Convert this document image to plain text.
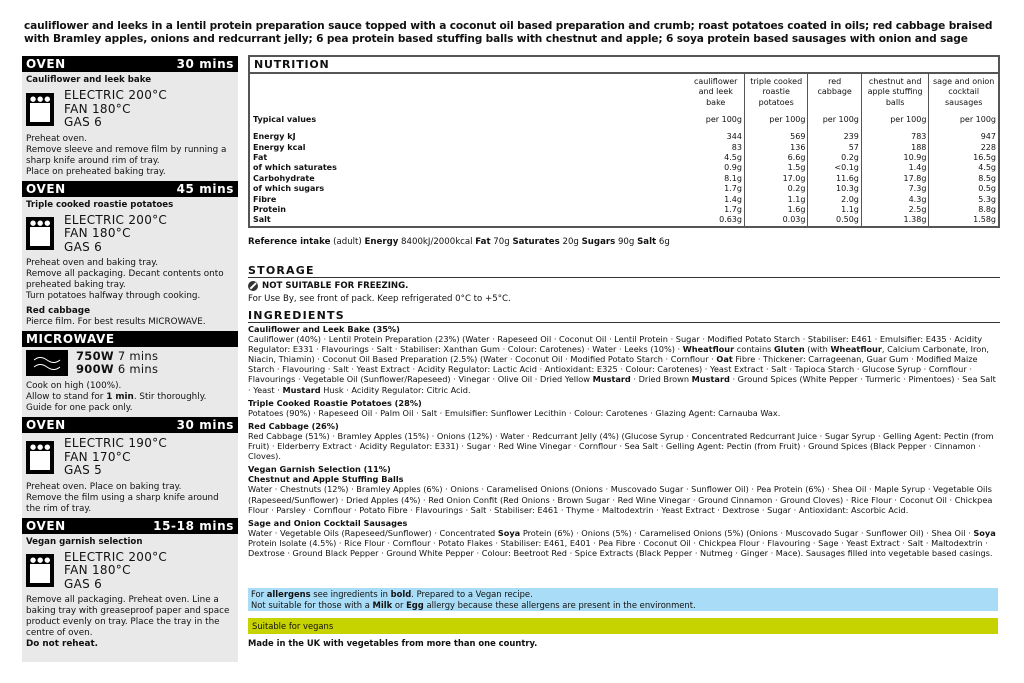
cauliflower and leeks in a lentil protein preparation sauce topped with a coconut oil based preparation and crumb; roast potatoes coated in oils; red cabbage braised with Bramley apples, onions and redcurrant jelly; 6 pea protein based stuffing balls with chestnut and apple; 6 soya protein based sausages with onion and sage
OVEN	30 mins
Cauliflower and leek bake
●●● ELECTRIC 200°C
FAN 180°C
GAS 6
Preheat oven.
Remove sleeve and remove film by running a sharp knife around rim of tray.
Place on preheated baking tray.
OVEN	45 mins
Triple cooked roastie potatoes
●●● ELECTRIC 200°C
FAN 180°C
GAS 6
Preheat oven and baking tray.
Remove all packaging. Decant contents onto preheated baking tray.
Turn potatoes halfway through cooking.
Red cabbage
Pierce film. For best results MICROWAVE.
MICROWAVE
750W 7 mins
900W 6 mins
Cook on high (100%).
Allow to stand for 1 min. Stir thoroughly.
Guide for one pack only.
OVEN	30 mins
●●● ELECTRIC 190°C
FAN 170°C
GAS 5
Preheat oven. Place on baking tray.
Remove the film using a sharp knife around the rim of tray.
OVEN	15-18 mins
Vegan garnish selection
●●● ELECTRIC 200°C
FAN 180°C
GAS 6
Remove all packaging. Preheat oven. Line a baking tray with greaseproof paper and space product evenly on tray. Place the tray in the centre of oven.
Do not reheat.
NUTRITION
	cauliflower and leek bake	triple cooked roastie potatoes	red cabbage	chestnut and apple stuffing balls	sage and onion cocktail sausages
Typical values	per 100g	per 100g	per 100g	per 100g	per 100g
Energy kJ	344	569	239	783	947
Energy kcal	83	136	57	188	228
Fat	4.5g	6.6g	0.2g	10.9g	16.5g
of which saturates	0.9g	1.5g	<0.1g	1.4g	4.5g
Carbohydrate	8.1g	17.0g	11.6g	17.8g	8.5g
of which sugars	1.7g	0.2g	10.3g	7.3g	0.5g
Fibre	1.4g	1.1g	2.0g	4.3g	5.3g
Protein	1.7g	1.6g	1.1g	2.5g	8.8g
Salt	0.63g	0.03g	0.50g	1.38g	1.58g
Reference intake (adult) Energy 8400kJ/2000kcal Fat 70g Saturates 20g Sugars 90g Salt 6g
STORAGE
NOT SUITABLE FOR FREEZING.
For Use By, see front of pack. Keep refrigerated 0°C to +5°C.
INGREDIENTS

Cauliflower and Leek Bake (35%)
Cauliflower (40%) · Lentil Protein Preparation (23%) (Water · Rapeseed Oil · Coconut Oil · Lentil Protein · Sugar · Modified Potato Starch · Stabiliser: E461 · Emulsifier: E435 · Acidity Regulator: E331 · Flavourings · Salt · Stabiliser: Xanthan Gum · Colour: Carotenes) · Water · Leeks (10%) · Wheatflour contains Gluten (with Wheatflour, Calcium Carbonate, Iron, Niacin, Thiamin) · Coconut Oil Based Preparation (2.5%) (Water · Coconut Oil · Modified Potato Starch · Cornflour · Oat Fibre · Thickener: Carrageenan, Guar Gum · Modified Maize Starch · Flavouring · Salt · Yeast Extract · Acidity Regulator: Lactic Acid · Antioxidant: E325 · Colour: Carotenes) · Yeast Extract · Salt · Tapioca Starch · Glucose Syrup · Cornflour · Flavourings · Vegetable Oil (Sunflower/Rapeseed) · Vinegar · Olive Oil · Dried Yellow Mustard · Dried Brown Mustard · Ground Spices (White Pepper · Turmeric · Pimentoes) · Sea Salt · Yeast · Mustard Husk · Acidity Regulator: Citric Acid.

Triple Cooked Roastie Potatoes (28%)
Potatoes (90%) · Rapeseed Oil · Palm Oil · Salt · Emulsifier: Sunflower Lecithin · Colour: Carotenes · Glazing Agent: Carnauba Wax.

Red Cabbage (26%)
Red Cabbage (51%) · Bramley Apples (15%) · Onions (12%) · Water · Redcurrant Jelly (4%) (Glucose Syrup · Concentrated Redcurrant Juice · Sugar Syrup · Gelling Agent: Pectin (from Fruit) · Elderberry Extract · Acidity Regulator: E331) · Sugar · Red Wine Vinegar · Cornflour · Sea Salt · Gelling Agent: Pectin (from Fruit) · Ground Spices (Black Pepper · Cinnamon · Cloves).

Vegan Garnish Selection (11%)
Chestnut and Apple Stuffing Balls
Water · Chestnuts (12%) · Bramley Apples (6%) · Onions · Caramelised Onions (Onions · Muscovado Sugar · Sunflower Oil) · Pea Protein (6%) · Shea Oil · Maple Syrup · Vegetable Oils (Rapeseed/Sunflower) · Dried Apples (4%) · Red Onion Confit (Red Onions · Brown Sugar · Red Wine Vinegar · Ground Cinnamon · Ground Cloves) · Rice Flour · Coconut Oil · Chickpea Flour · Parsley · Cornflour · Potato Fibre · Flavourings · Salt · Stabiliser: E461 · Thyme · Maltodextrin · Yeast Extract · Dextrose · Sugar · Antioxidant: Ascorbic Acid.

Sage and Onion Cocktail Sausages
Water · Vegetable Oils (Rapeseed/Sunflower) · Concentrated Soya Protein (6%) · Onions (5%) · Caramelised Onions (5%) (Onions · Muscovado Sugar · Sunflower Oil) · Shea Oil · Soya Protein Isolate (4.5%) · Rice Flour · Cornflour · Potato Flakes · Stabiliser: E461, E401 · Pea Fibre · Coconut Oil · Chickpea Flour · Flavouring · Sage · Yeast Extract · Salt · Maltodextrin · Dextrose · Ground Black Pepper · Ground White Pepper · Colour: Beetroot Red · Spice Extracts (Black Pepper · Nutmeg · Ginger · Mace). Sausages filled into vegetable based casings.

For allergens see ingredients in bold. Prepared to a Vegan recipe.
Not suitable for those with a Milk or Egg allergy because these allergens are present in the environment.
Suitable for vegans
Made in the UK with vegetables from more than one country.
